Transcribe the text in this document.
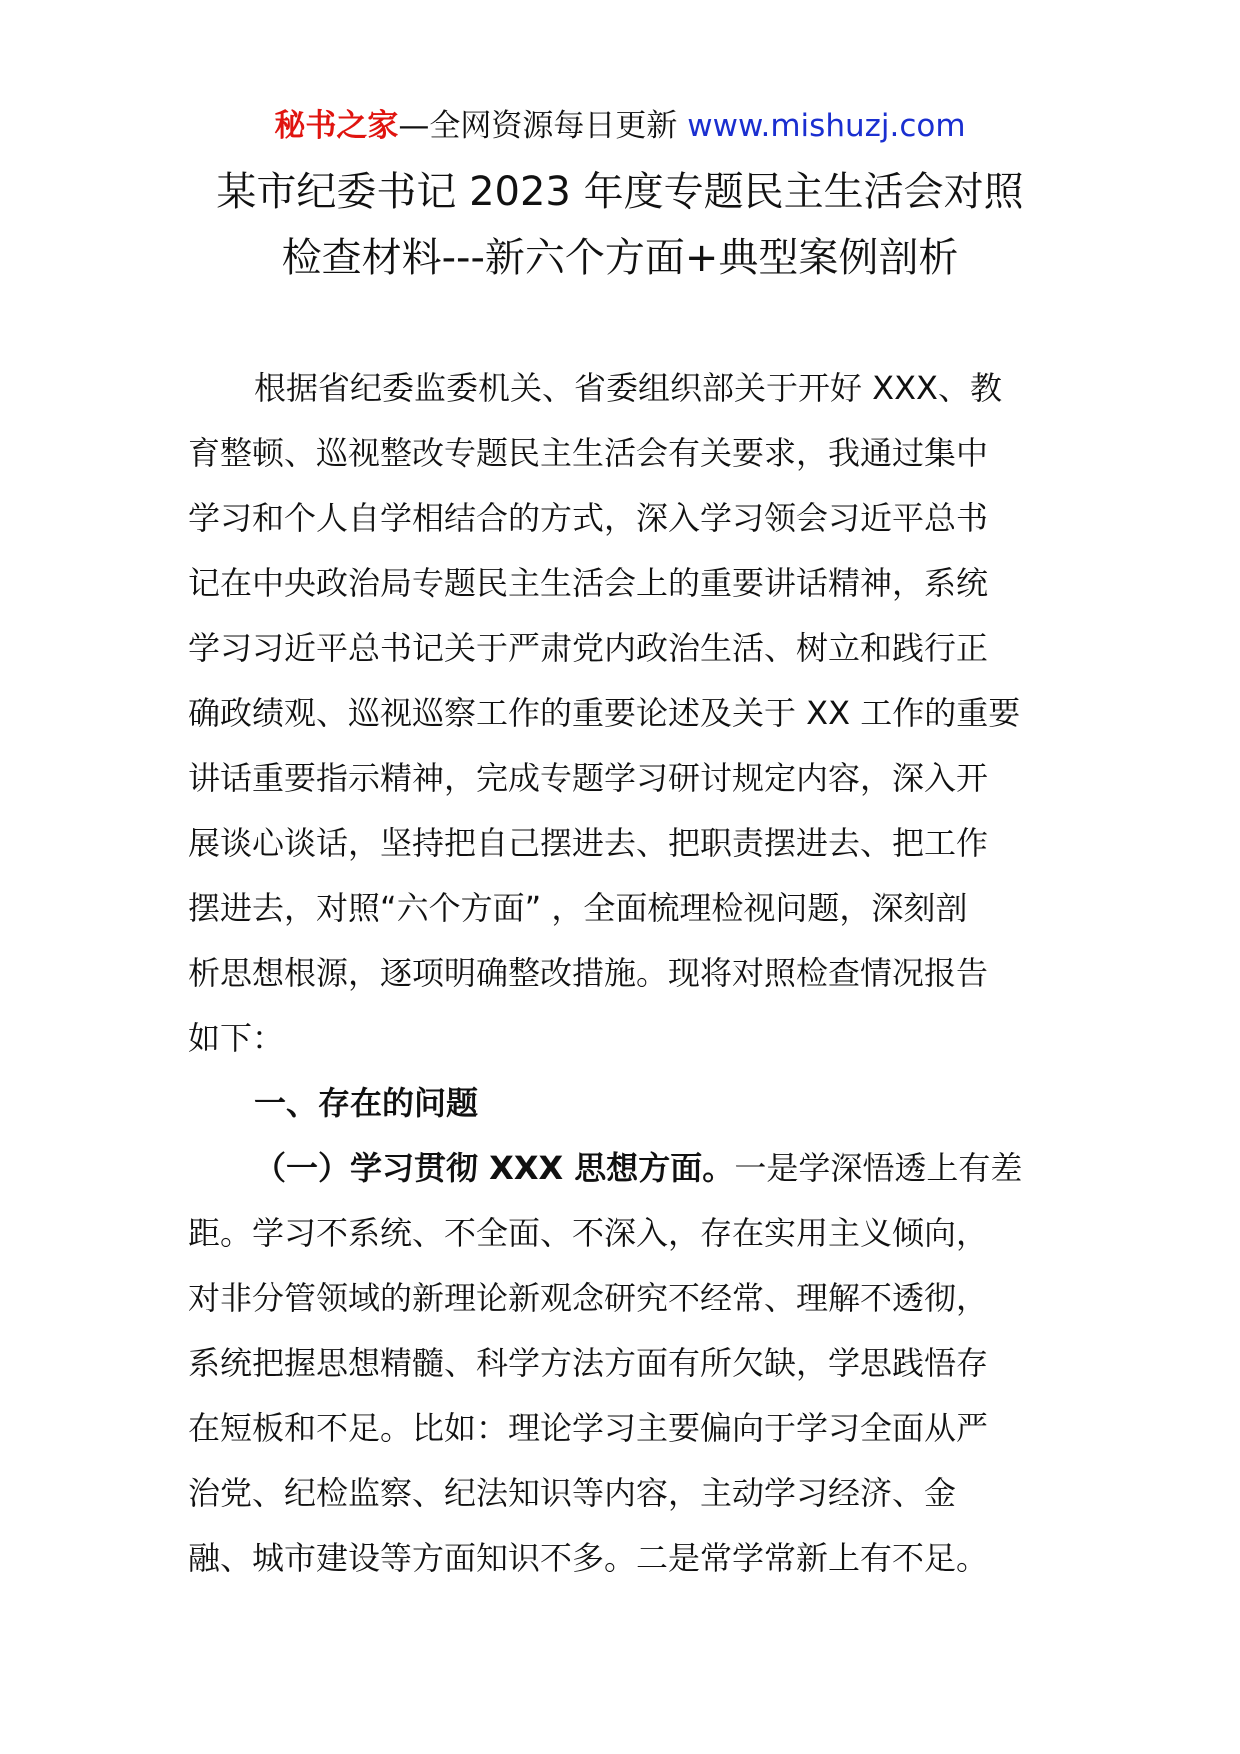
秘书之家—全网资源每日更新 www.mishuzj.com
某市纪委书记 2023 年度专题民主生活会对照
检查材料---新六个方面+典型案例剖析
根据省纪委监委机关、省委组织部关于开好 XXX、教
育整顿、巡视整改专题民主生活会有关要求，我通过集中
学习和个人自学相结合的方式，深入学习领会习近平总书
记在中央政治局专题民主生活会上的重要讲话精神，系统
学习习近平总书记关于严肃党内政治生活、树立和践行正
确政绩观、巡视巡察工作的重要论述及关于 XX 工作的重要
讲话重要指示精神，完成专题学习研讨规定内容，深入开
展谈心谈话，坚持把自己摆进去、把职责摆进去、把工作
摆进去，对照“六个方面” ，全面梳理检视问题，深刻剖
析思想根源，逐项明确整改措施。现将对照检查情况报告
如下：
一、存在的问题
（一）学习贯彻 XXX 思想方面。一是学深悟透上有差
距。学习不系统、不全面、不深入，存在实用主义倾向，
对非分管领域的新理论新观念研究不经常、理解不透彻，
系统把握思想精髓、科学方法方面有所欠缺，学思践悟存
在短板和不足。比如：理论学习主要偏向于学习全面从严
治党、纪检监察、纪法知识等内容，主动学习经济、金
融、城市建设等方面知识不多。二是常学常新上有不足。
